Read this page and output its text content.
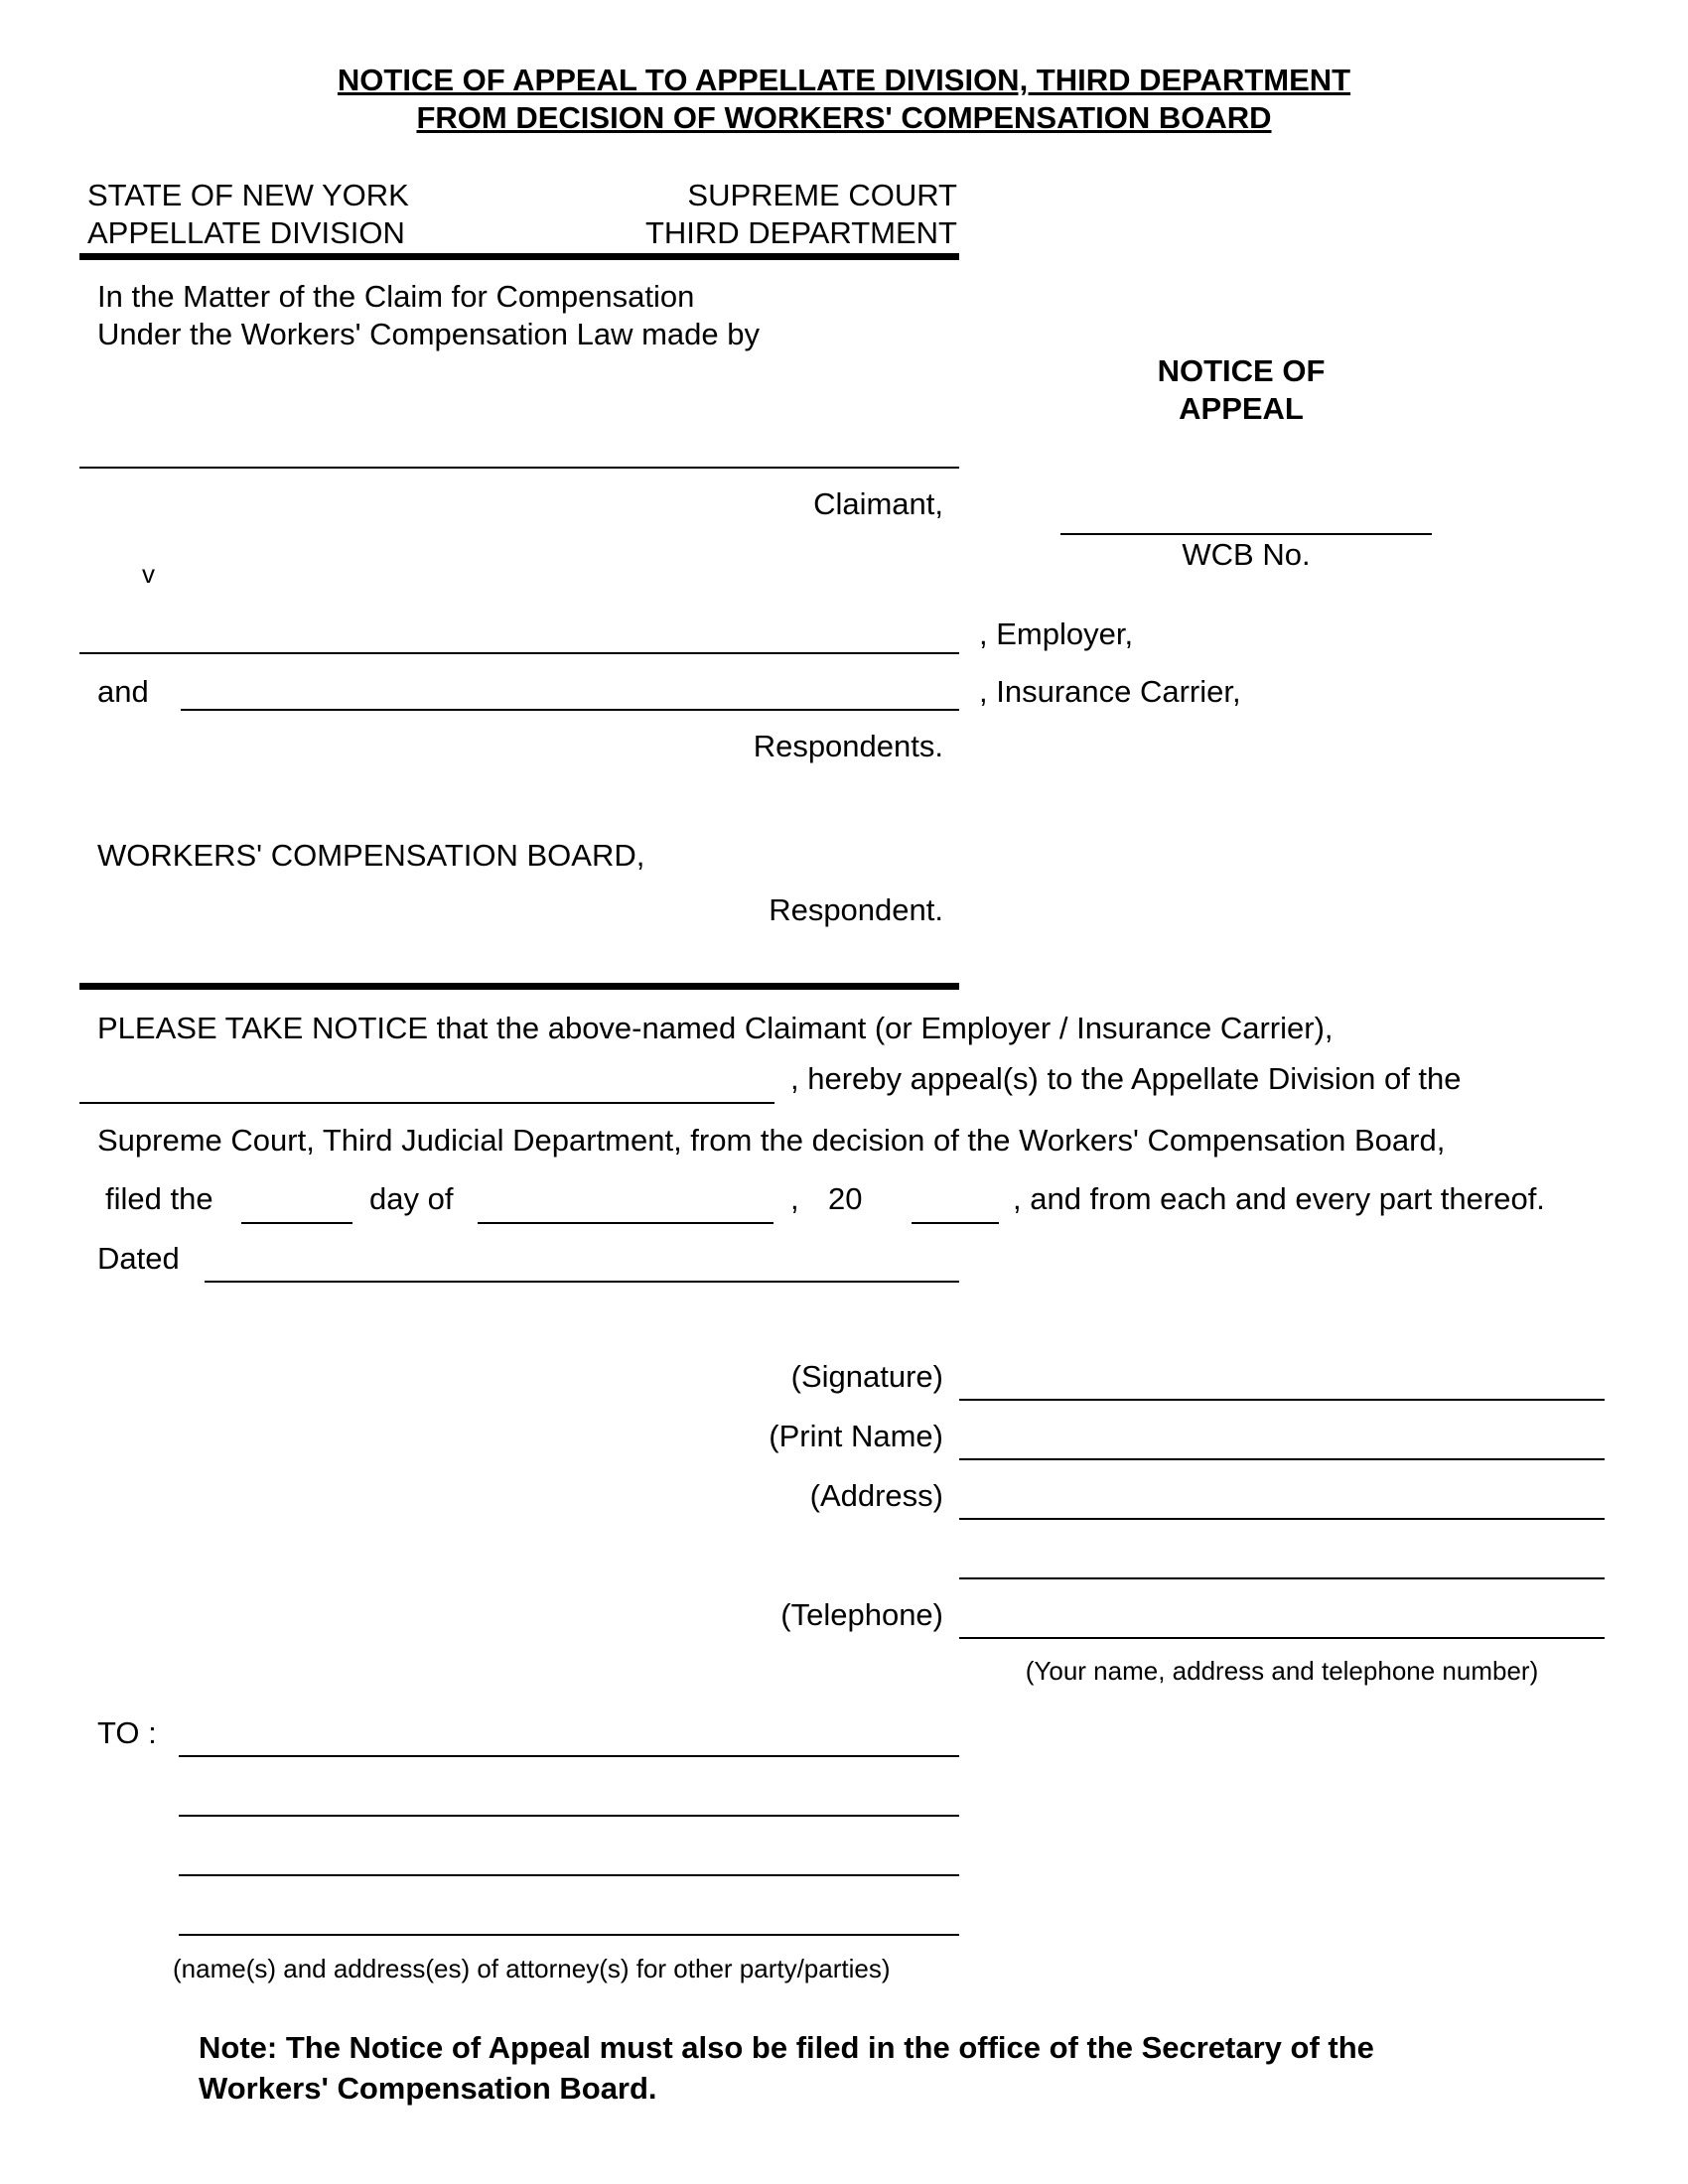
NOTICE OF APPEAL TO APPELLATE DIVISION, THIRD DEPARTMENT
FROM DECISION OF WORKERS' COMPENSATION BOARD
STATE OF NEW YORK
APPELLATE DIVISION
SUPREME COURT
THIRD DEPARTMENT
In the Matter of the Claim for Compensation
Under the Workers' Compensation Law made by
Claimant,
NOTICE OF
APPEAL
WCB No.
v
, Employer,
and	, Insurance Carrier,
Respondents.
WORKERS' COMPENSATION BOARD,
Respondent.
PLEASE TAKE NOTICE that the above-named Claimant (or Employer / Insurance Carrier),
, hereby appeal(s) to the Appellate Division of the
Supreme Court, Third Judicial Department, from the decision of the Workers' Compensation Board,
filed the	day of	, 20	, and from each and every part thereof.
Dated
(Signature)
(Print Name)
(Address)
(Telephone)
(Your name, address and telephone number)
TO :
(name(s) and address(es) of attorney(s) for other party/parties)
Note: The Notice of Appeal must also be filed in the office of the Secretary of the
Workers' Compensation Board.
